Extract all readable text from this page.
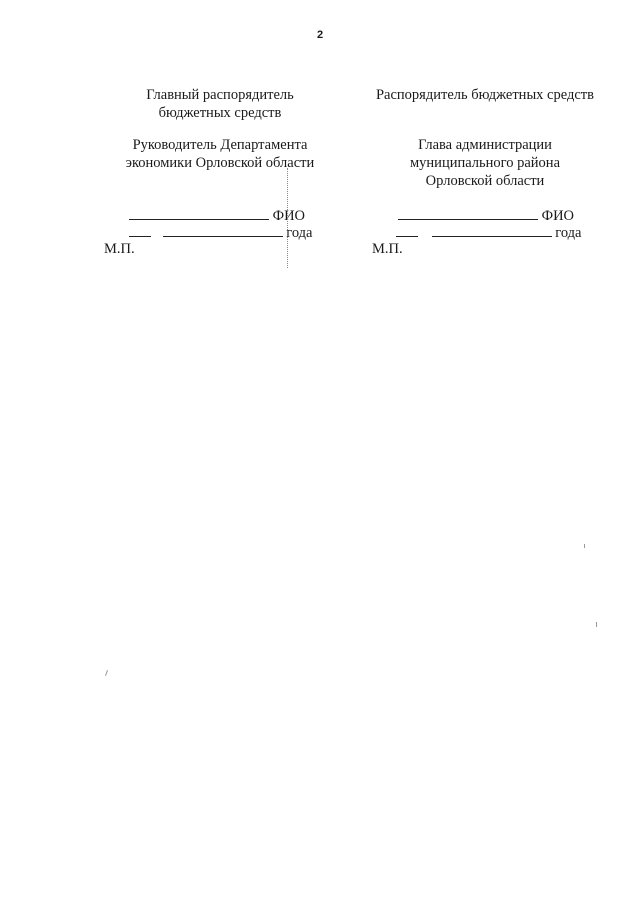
2
Главный распорядитель
бюджетных средств
Руководитель Департамента
экономики Орловской области
ФИО
года
М.П.
Распорядитель бюджетных средств
Глава администрации
муниципального района
Орловской области
ФИО
года
М.П.
